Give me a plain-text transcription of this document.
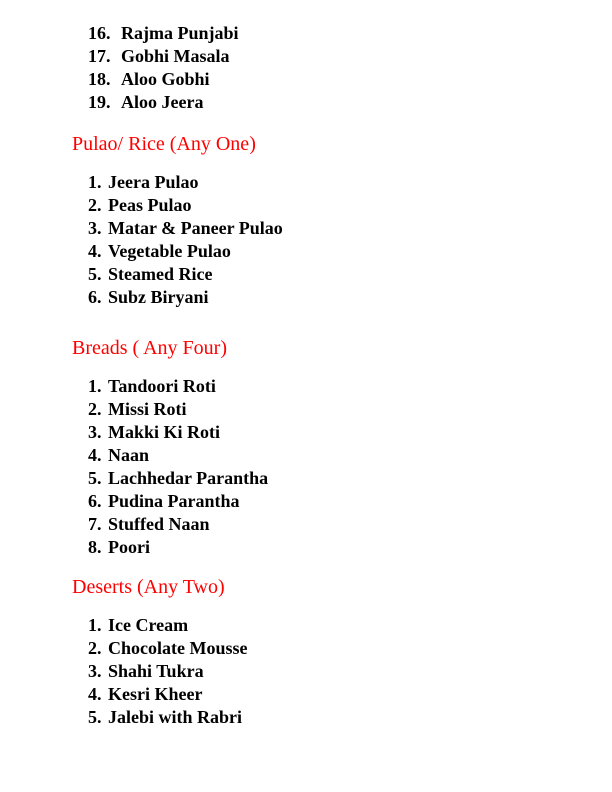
16. Rajma Punjabi
17. Gobhi Masala
18. Aloo Gobhi
19. Aloo Jeera
Pulao/ Rice (Any One)
1. Jeera Pulao
2. Peas Pulao
3. Matar & Paneer Pulao
4. Vegetable Pulao
5. Steamed Rice
6. Subz Biryani
Breads ( Any Four)
1. Tandoori Roti
2. Missi Roti
3. Makki Ki Roti
4. Naan
5. Lachhedar Parantha
6. Pudina Parantha
7. Stuffed Naan
8. Poori
Deserts (Any Two)
1. Ice Cream
2. Chocolate Mousse
3. Shahi Tukra
4. Kesri Kheer
5. Jalebi with Rabri
